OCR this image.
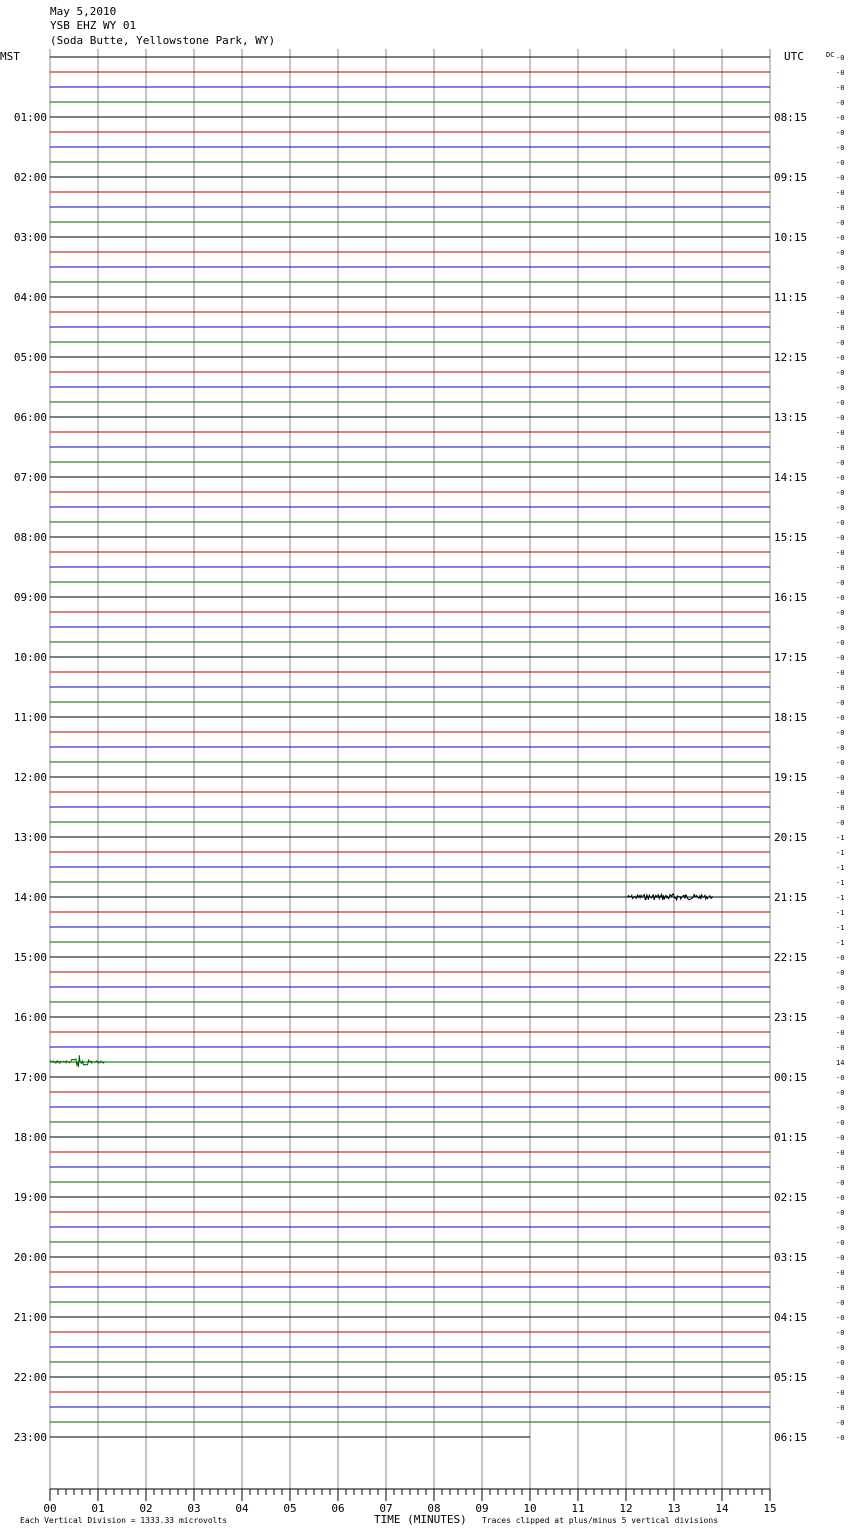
May 5,2010
YSB EHZ WY 01
(Soda Butte, Yellowstone Park, WY)
MST	UTC	DC
01:00	08:15
02:00	09:15
03:00	10:15
04:00	11:15
05:00	12:15
06:00	13:15
07:00	14:15
08:00	15:15
09:00	16:15
10:00	17:15
11:00	18:15
12:00	19:15
13:00	20:15
14:00	21:15
15:00	22:15
16:00	23:15
17:00	00:15
18:00	01:15
19:00	02:15
20:00	03:15
21:00	04:15
22:00	05:15
23:00	06:15
-0
-0
-0
-0
-0
-0
-0
-0
-0
-0
-0
-0
-0
-0
-0
-0
-0
-0
-0
-0
-0
-0
-0
-0
-0
-0
-0
-0
-0
-0
-0
-0
-0
-0
-0
-0
-0
-0
-0
-0
-0
-0
-0
-0
-0
-0
-0
-0
-0
-0
-0
-0
-1
-1
-1
-1
-1
-1
-1
-1
-0
-0
-0
-0
-0
-0
-0
14
-0
-0
-0
-0
-0
-0
-0
-0
-0
-0
-0
-0
-0
-0
-0
-0
-0
-0
-0
-0
-0
-0
-0
-0
-0
00	01	02	03	04	05	06	07	08	09	10	11	12	13	14	15
Each Vertical Division = 1333.33 microvolts	TIME (MINUTES) Traces clipped at plus/minus 5 vertical divisions
